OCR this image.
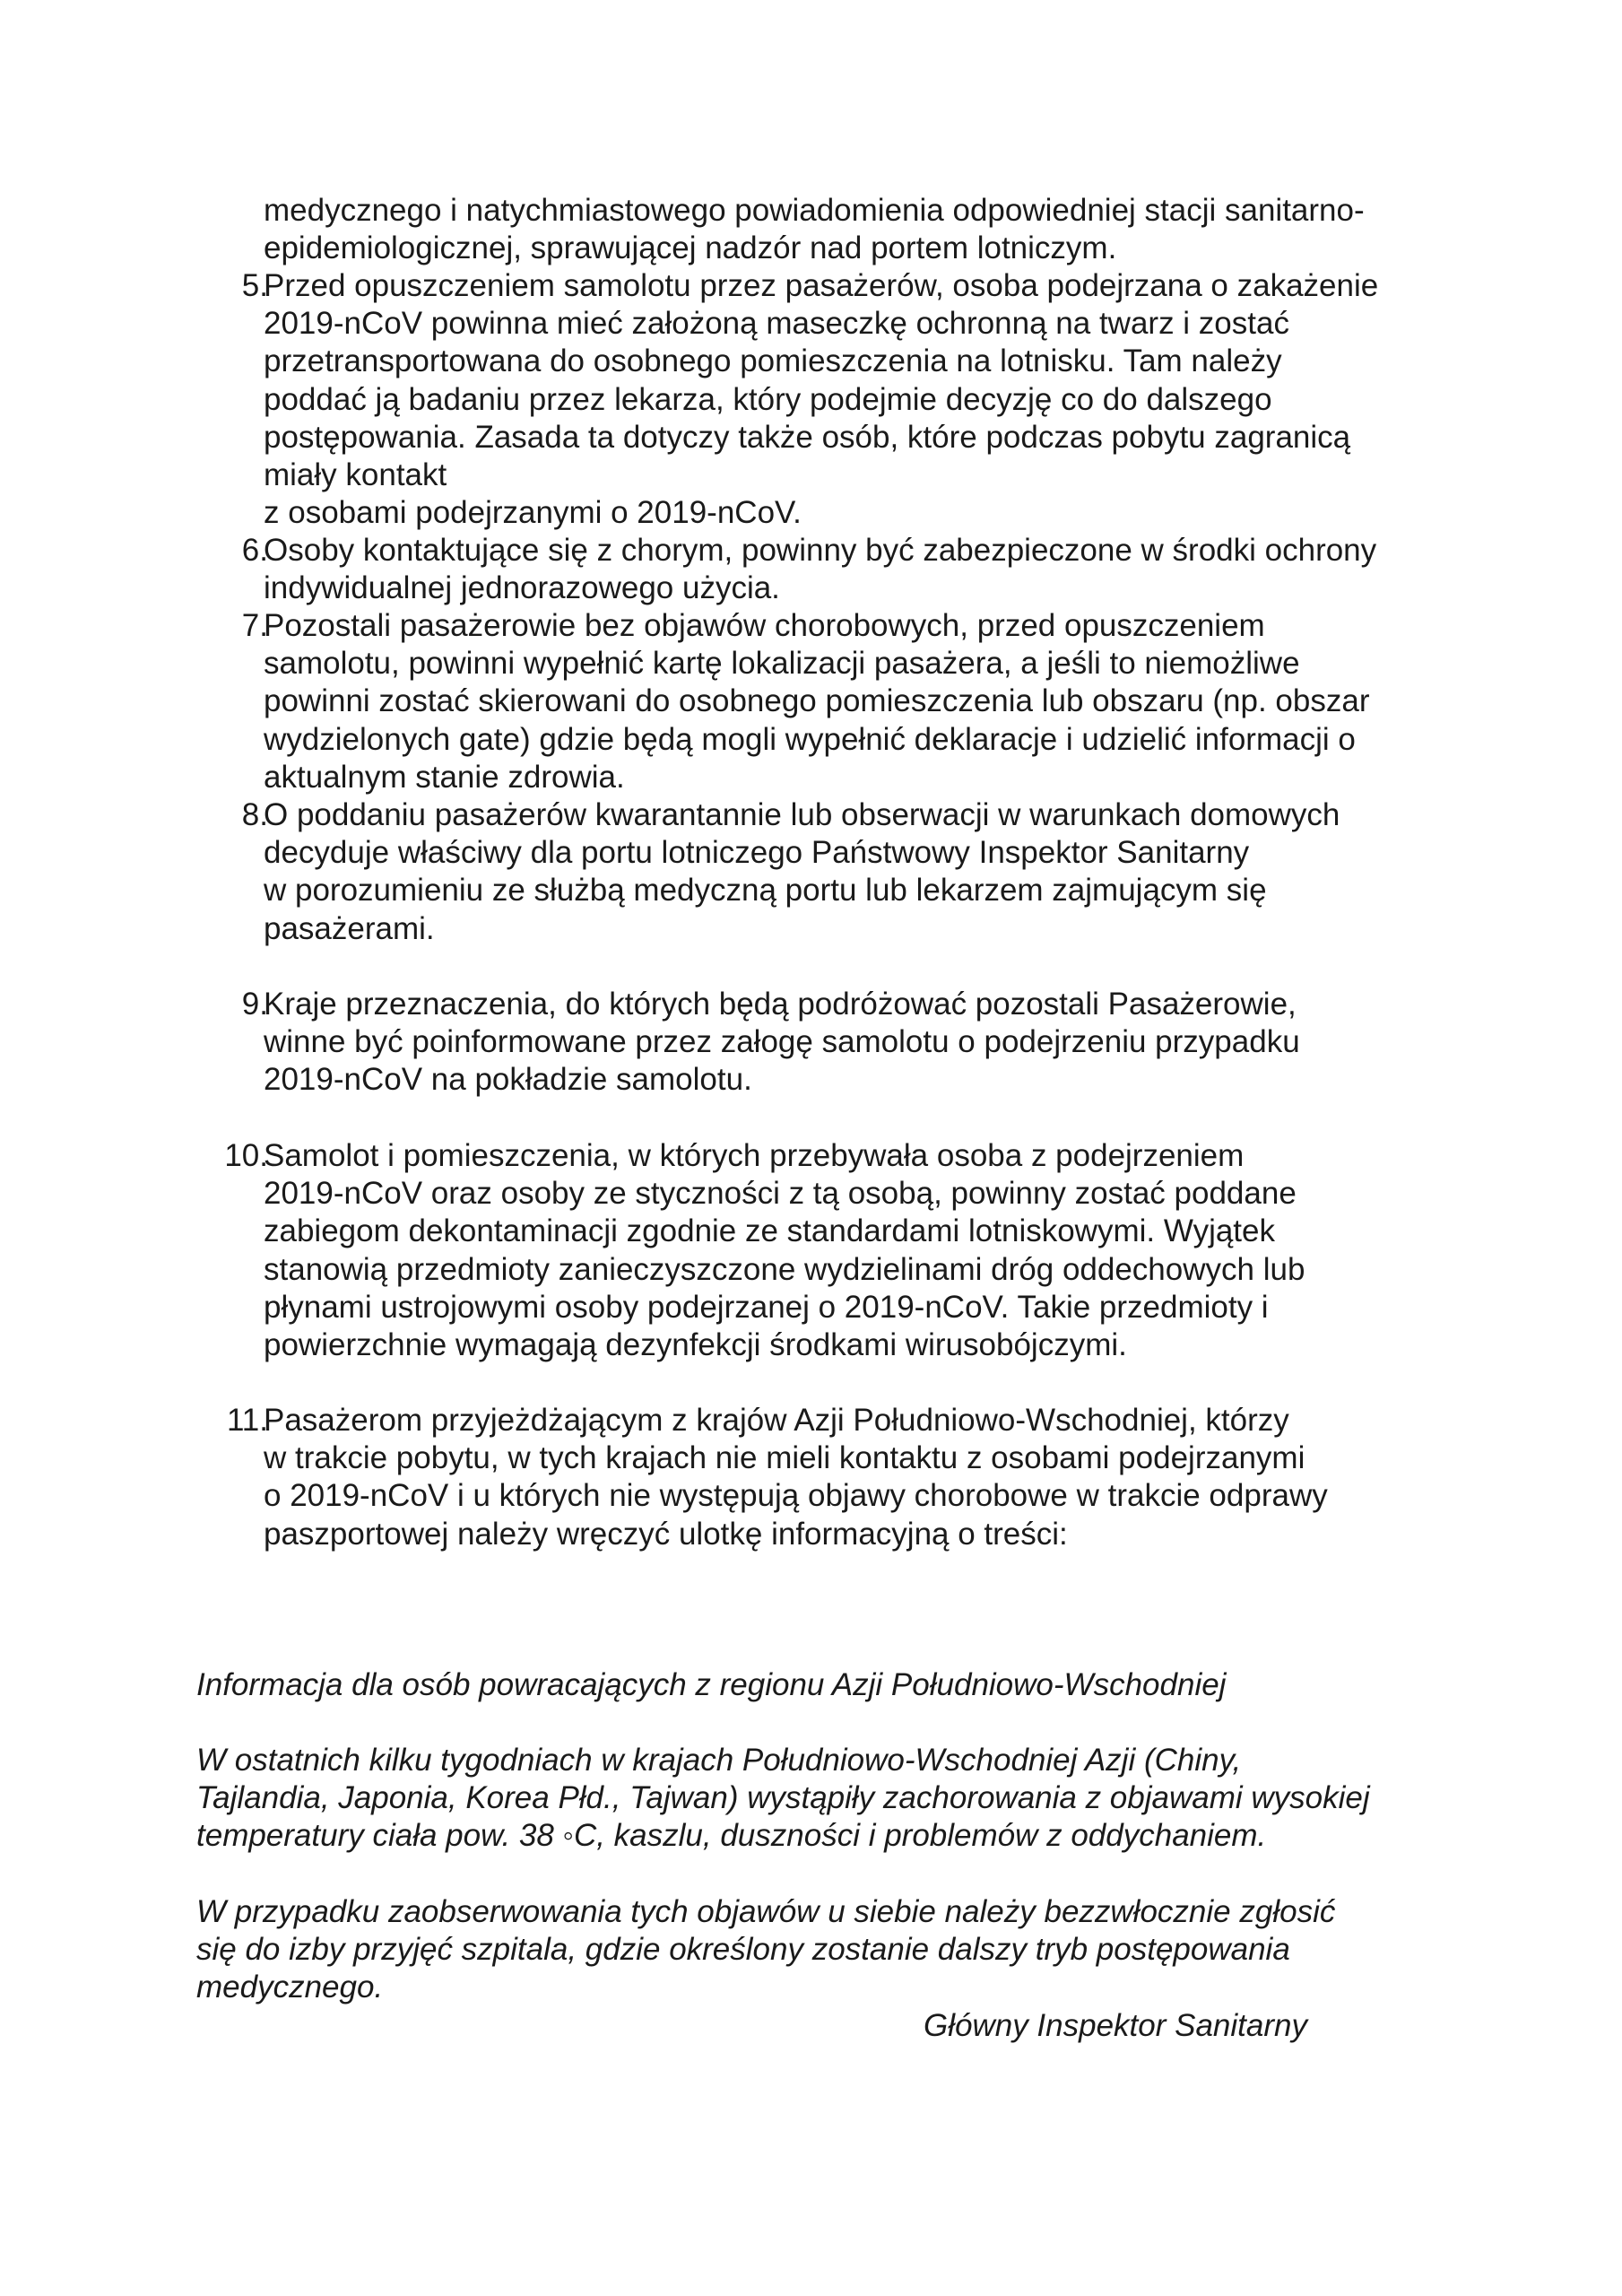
medycznego i natychmiastowego powiadomienia odpowiedniej stacji sanitarno-
epidemiologicznej, sprawującej nadzór nad portem lotniczym.
5.
Przed opuszczeniem samolotu przez pasażerów, osoba podejrzana o zakażenie
2019-nCoV powinna mieć założoną maseczkę ochronną na twarz i zostać
przetransportowana do osobnego pomieszczenia na lotnisku. Tam należy
poddać ją badaniu przez lekarza, który podejmie decyzję co do dalszego
postępowania. Zasada ta dotyczy także osób, które podczas pobytu zagranicą
miały kontakt
z osobami podejrzanymi o 2019-nCoV.
6.
Osoby kontaktujące się z chorym, powinny być zabezpieczone w środki ochrony
indywidualnej jednorazowego użycia.
7.
Pozostali pasażerowie bez objawów chorobowych, przed opuszczeniem
samolotu, powinni wypełnić kartę lokalizacji pasażera, a jeśli to niemożliwe
powinni zostać skierowani do osobnego pomieszczenia lub obszaru (np. obszar
wydzielonych gate) gdzie będą mogli wypełnić deklaracje i udzielić informacji o
aktualnym stanie zdrowia.
8.
O poddaniu pasażerów kwarantannie lub obserwacji w warunkach domowych
decyduje właściwy dla portu lotniczego Państwowy Inspektor Sanitarny
w porozumieniu ze służbą medyczną portu lub lekarzem zajmującym się
pasażerami.
9.
Kraje przeznaczenia, do których będą podróżować pozostali Pasażerowie,
winne być poinformowane przez załogę samolotu o podejrzeniu przypadku
2019-nCoV na pokładzie samolotu.
10.
Samolot i pomieszczenia, w których przebywała osoba z podejrzeniem
2019-nCoV oraz osoby ze styczności z tą osobą, powinny zostać poddane
zabiegom dekontaminacji zgodnie ze standardami lotniskowymi. Wyjątek
stanowią przedmioty zanieczyszczone wydzielinami dróg oddechowych lub
płynami ustrojowymi osoby podejrzanej o 2019-nCoV. Takie przedmioty i
powierzchnie wymagają dezynfekcji środkami wirusobójczymi.
11.
Pasażerom przyjeżdżającym z krajów Azji Południowo-Wschodniej, którzy
w trakcie pobytu, w tych krajach nie mieli kontaktu z osobami podejrzanymi
o 2019-nCoV i u których nie występują objawy chorobowe w trakcie odprawy
paszportowej należy wręczyć ulotkę informacyjną o treści:
Informacja dla osób powracających z regionu Azji Południowo-Wschodniej
W ostatnich kilku tygodniach w krajach Południowo-Wschodniej Azji (Chiny,
Tajlandia, Japonia, Korea Płd., Tajwan) wystąpiły zachorowania z objawami wysokiej
temperatury ciała pow. 38 ◦C, kaszlu, duszności i problemów z oddychaniem.
W przypadku zaobserwowania tych objawów u siebie należy bezzwłocznie zgłosić
się do izby przyjęć szpitala, gdzie określony zostanie dalszy tryb postępowania
medycznego.
Główny Inspektor Sanitarny
